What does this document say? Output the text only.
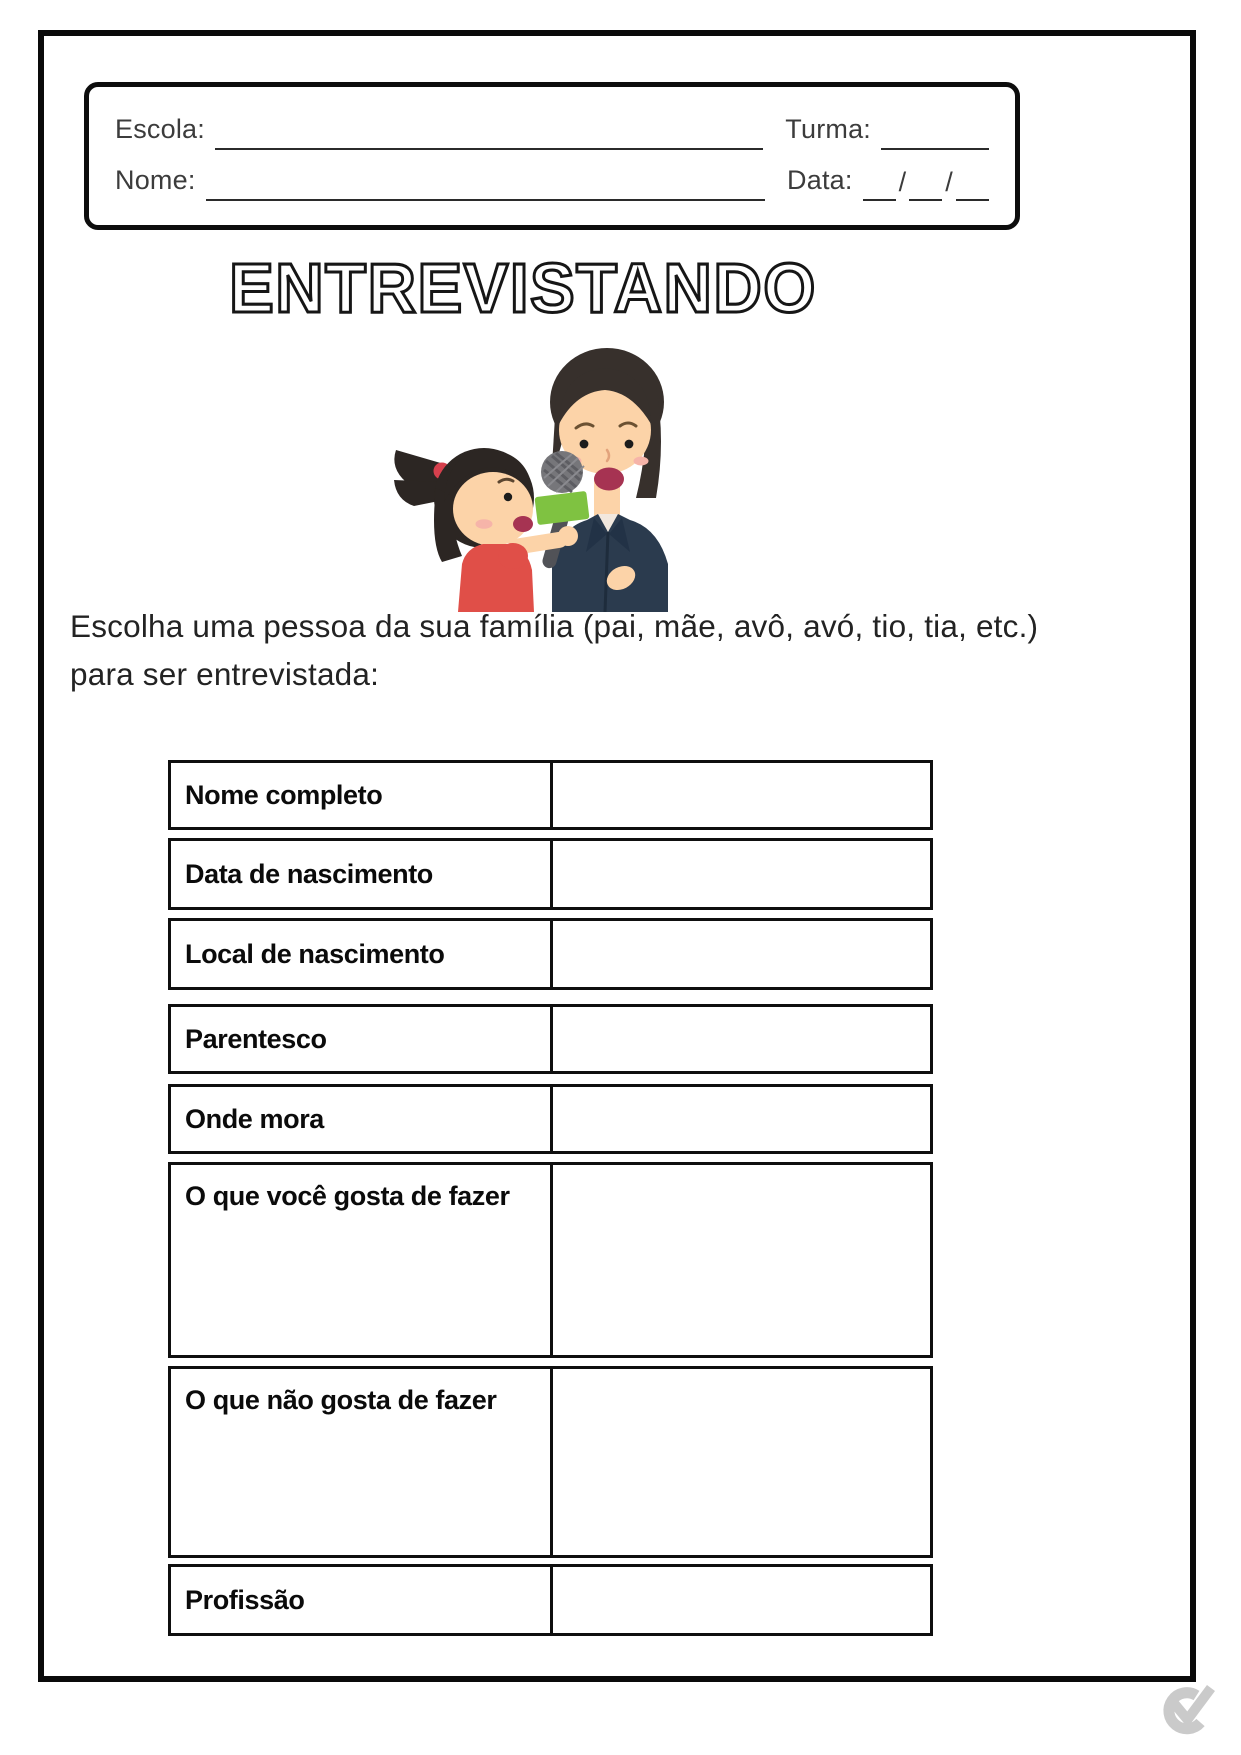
Escola:	Turma:
Nome:	Data:	/ /
ENTREVISTANDO
Escolha uma pessoa da sua família (pai, mãe, avô, avó, tio, tia, etc.)
para ser entrevistada:
Nome completo
Data de nascimento
Local de nascimento
Parentesco
Onde mora
O que você gosta de fazer
O que não gosta de fazer
Profissão
